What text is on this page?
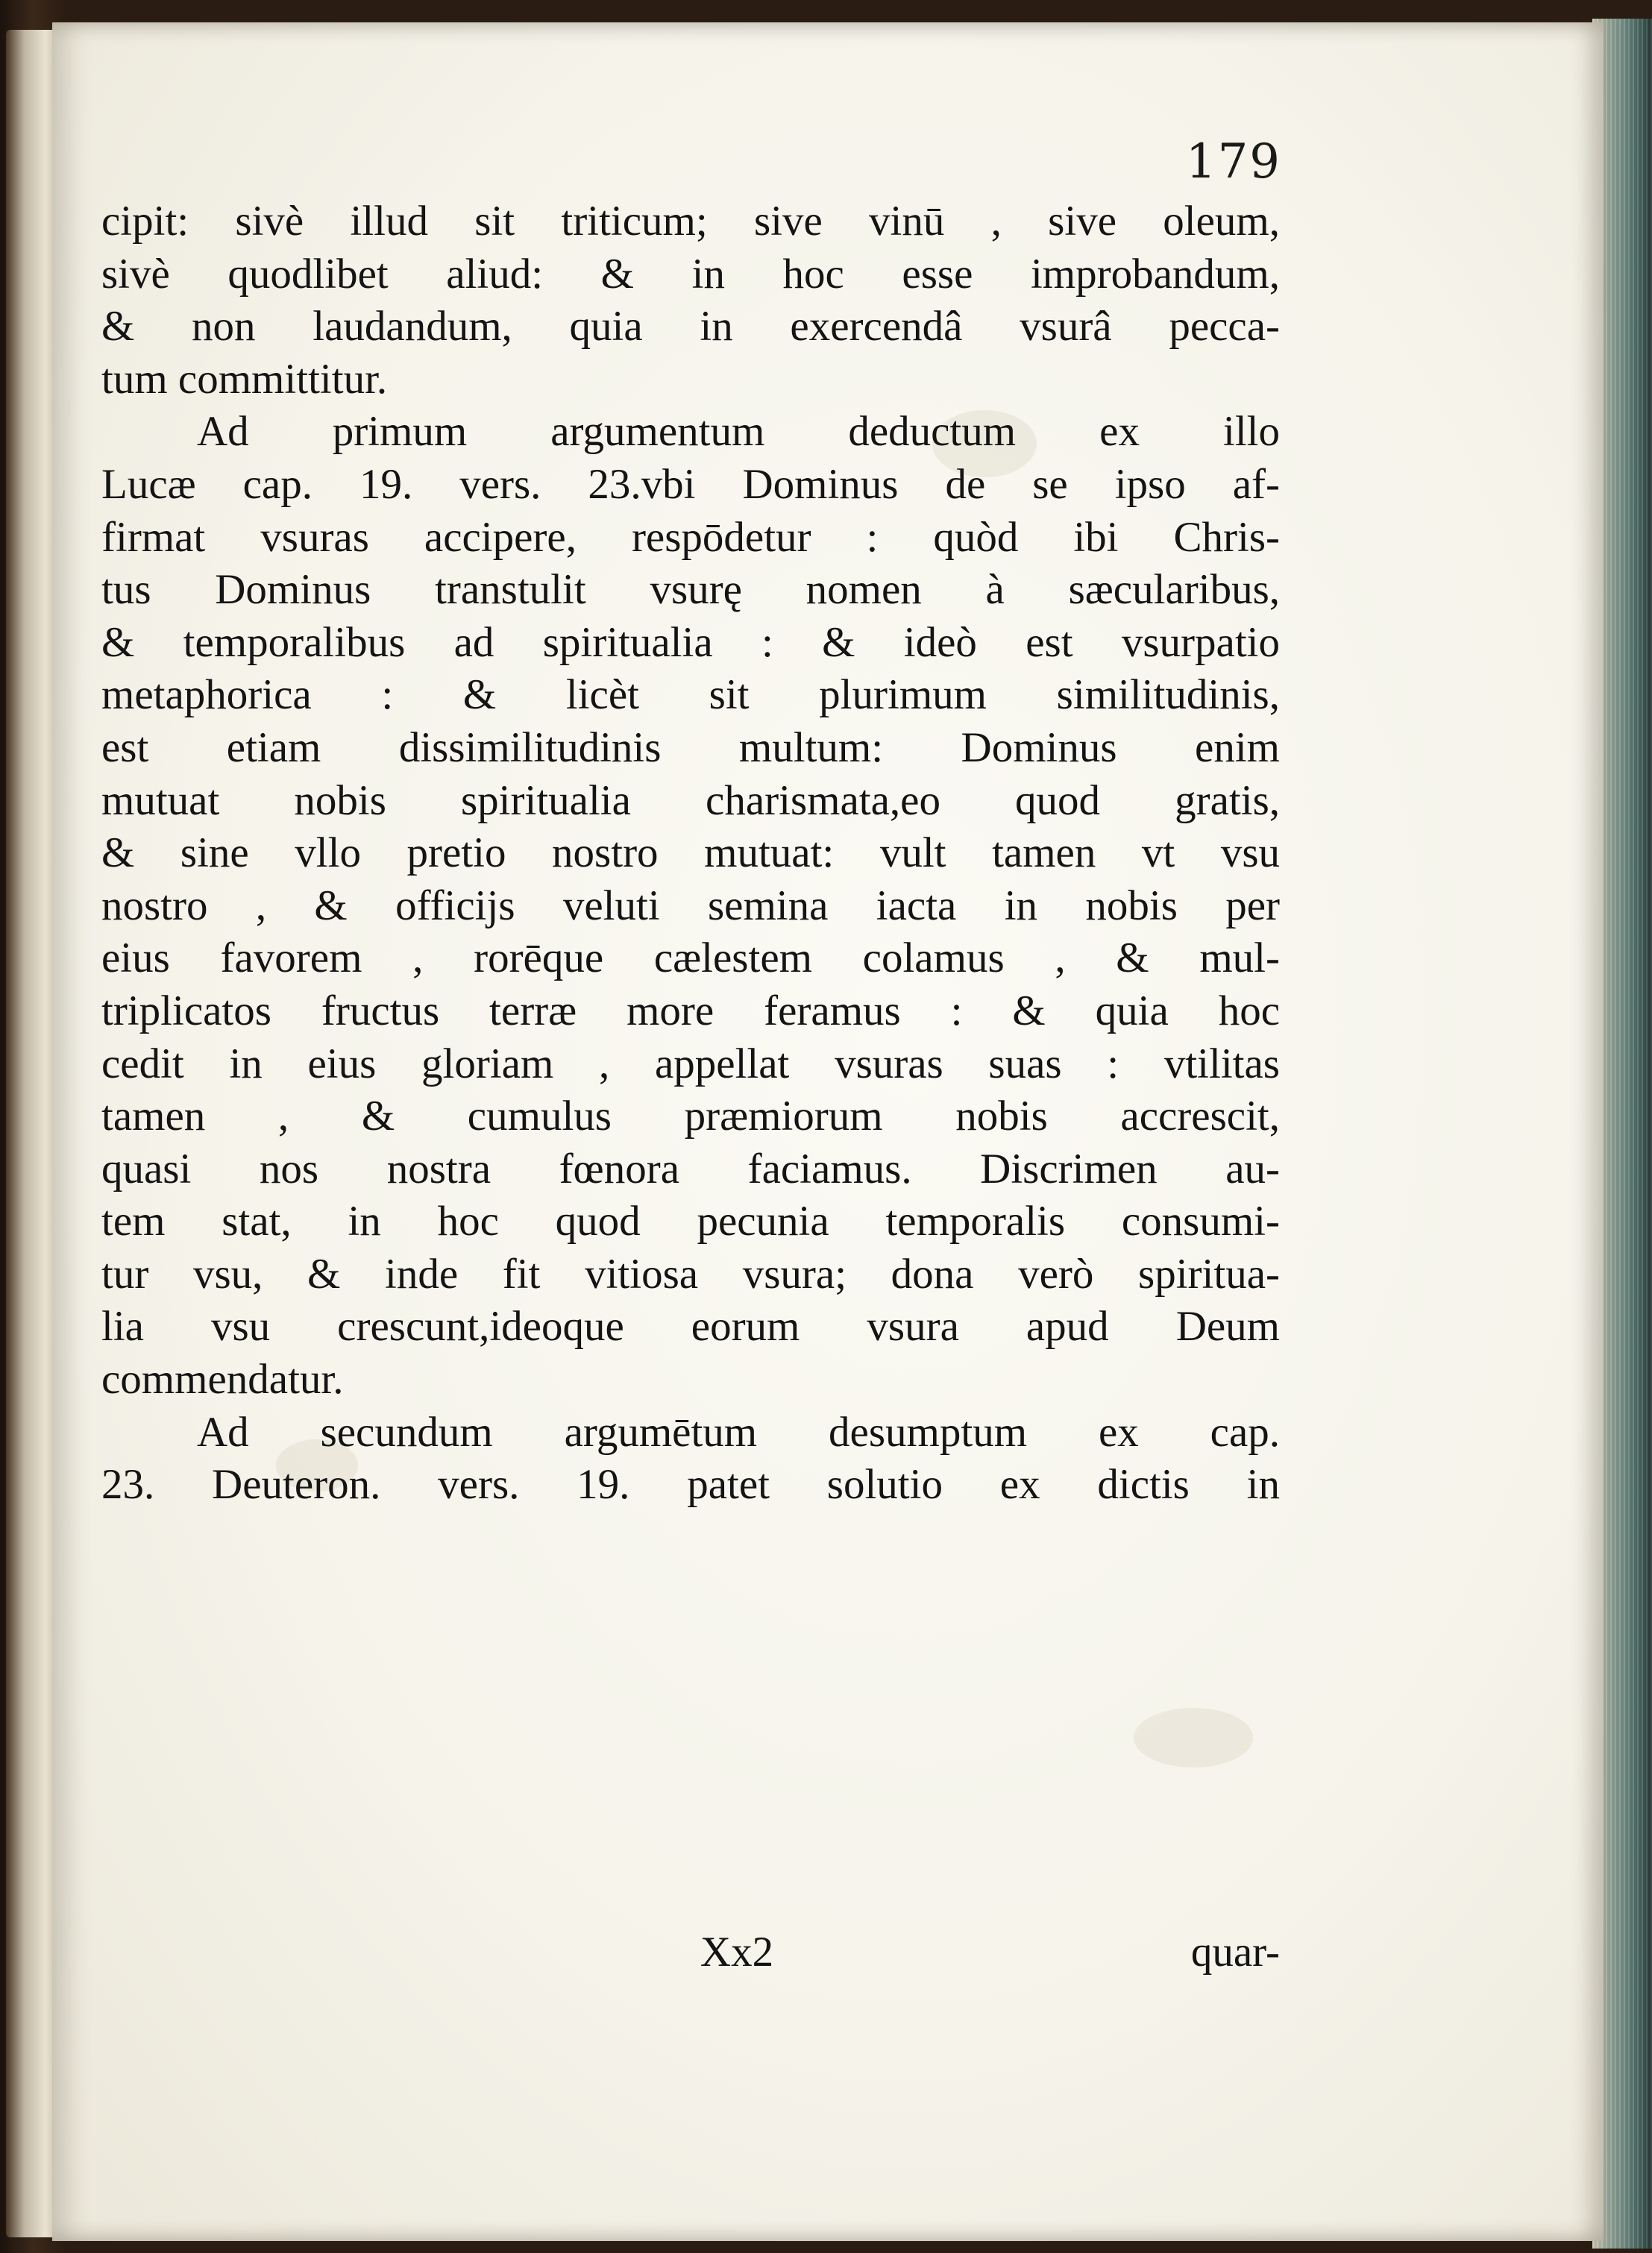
179
cipit: sivè illud sit triticum; sive vinū , sive oleum,
sivè quodlibet aliud: & in hoc esse improbandum,
& non laudandum, quia in exercendâ vsurâ pecca-
tum committitur.
Ad primum argumentum deductum ex illo
Lucæ cap. 19. vers. 23.vbi Dominus de se ipso af-
firmat vsuras accipere, respōdetur : quòd ibi Chris-
tus Dominus transtulit vsurę nomen à sæcularibus,
& temporalibus ad spiritualia : & ideò est vsurpatio
metaphorica : & licèt sit plurimum similitudinis,
est etiam dissimilitudinis multum: Dominus enim
mutuat nobis spiritualia charismata,eo quod gratis,
& sine vllo pretio nostro mutuat: vult tamen vt vsu
nostro , & officijs veluti semina iacta in nobis per
eius favorem , rorēque cælestem colamus , & mul-
triplicatos fructus terræ more feramus : & quia hoc
cedit in eius gloriam , appellat vsuras suas : vtilitas
tamen , & cumulus præmiorum nobis accrescit,
quasi nos nostra fœnora faciamus. Discrimen au-
tem stat, in hoc quod pecunia temporalis consumi-
tur vsu, & inde fit vitiosa vsura; dona verò spiritua-
lia vsu crescunt,ideoque eorum vsura apud Deum
commendatur.
Ad secundum argumētum desumptum ex cap.
23. Deuteron. vers. 19. patet solutio ex dictis in
Xx2	quar-
